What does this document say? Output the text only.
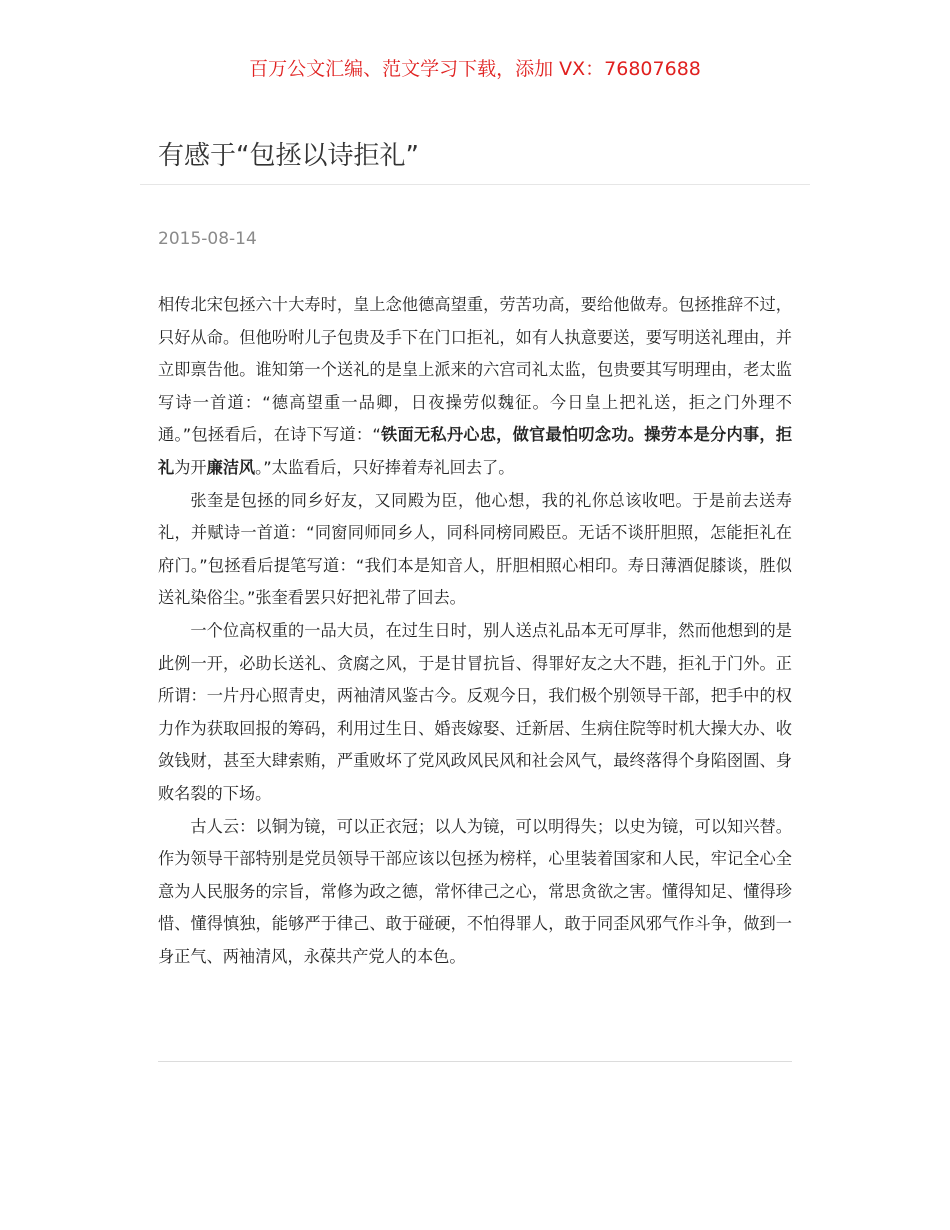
百万公文汇编、范文学习下载，添加 VX：76807688
有感于“包拯以诗拒礼”
2015-08-14

相传北宋包拯六十大寿时，皇上念他德高望重，劳苦功高，要给他做寿。包拯推辞不过，只好从命。但他吩咐儿子包贵及手下在门口拒礼，如有人执意要送，要写明送礼理由，并立即禀告他。谁知第一个送礼的是皇上派来的六宫司礼太监，包贵要其写明理由，老太监写诗一首道：“德高望重一品卿，日夜操劳似魏征。今日皇上把礼送，拒之门外理不通。”包拯看后，在诗下写道：“铁面无私丹心忠，做官最怕叨念功。操劳本是分内事，拒礼为开廉洁风。”太监看后，只好捧着寿礼回去了。

张奎是包拯的同乡好友，又同殿为臣，他心想，我的礼你总该收吧。于是前去送寿礼，并赋诗一首道：“同窗同师同乡人，同科同榜同殿臣。无话不谈肝胆照，怎能拒礼在府门。”包拯看后提笔写道：“我们本是知音人，肝胆相照心相印。寿日薄酒促膝谈，胜似送礼染俗尘。”张奎看罢只好把礼带了回去。

一个位高权重的一品大员，在过生日时，别人送点礼品本无可厚非，然而他想到的是此例一开，必助长送礼、贪腐之风，于是甘冒抗旨、得罪好友之大不韪，拒礼于门外。正所谓：一片丹心照青史，两袖清风鉴古今。反观今日，我们极个别领导干部，把手中的权力作为获取回报的筹码，利用过生日、婚丧嫁娶、迁新居、生病住院等时机大操大办、收敛钱财，甚至大肆索贿，严重败坏了党风政风民风和社会风气，最终落得个身陷囹圄、身败名裂的下场。

古人云：以铜为镜，可以正衣冠；以人为镜，可以明得失；以史为镜，可以知兴替。作为领导干部特别是党员领导干部应该以包拯为榜样，心里装着国家和人民，牢记全心全意为人民服务的宗旨，常修为政之德，常怀律己之心，常思贪欲之害。懂得知足、懂得珍惜、懂得慎独，能够严于律己、敢于碰硬，不怕得罪人，敢于同歪风邪气作斗争，做到一身正气、两袖清风，永葆共产党人的本色。
